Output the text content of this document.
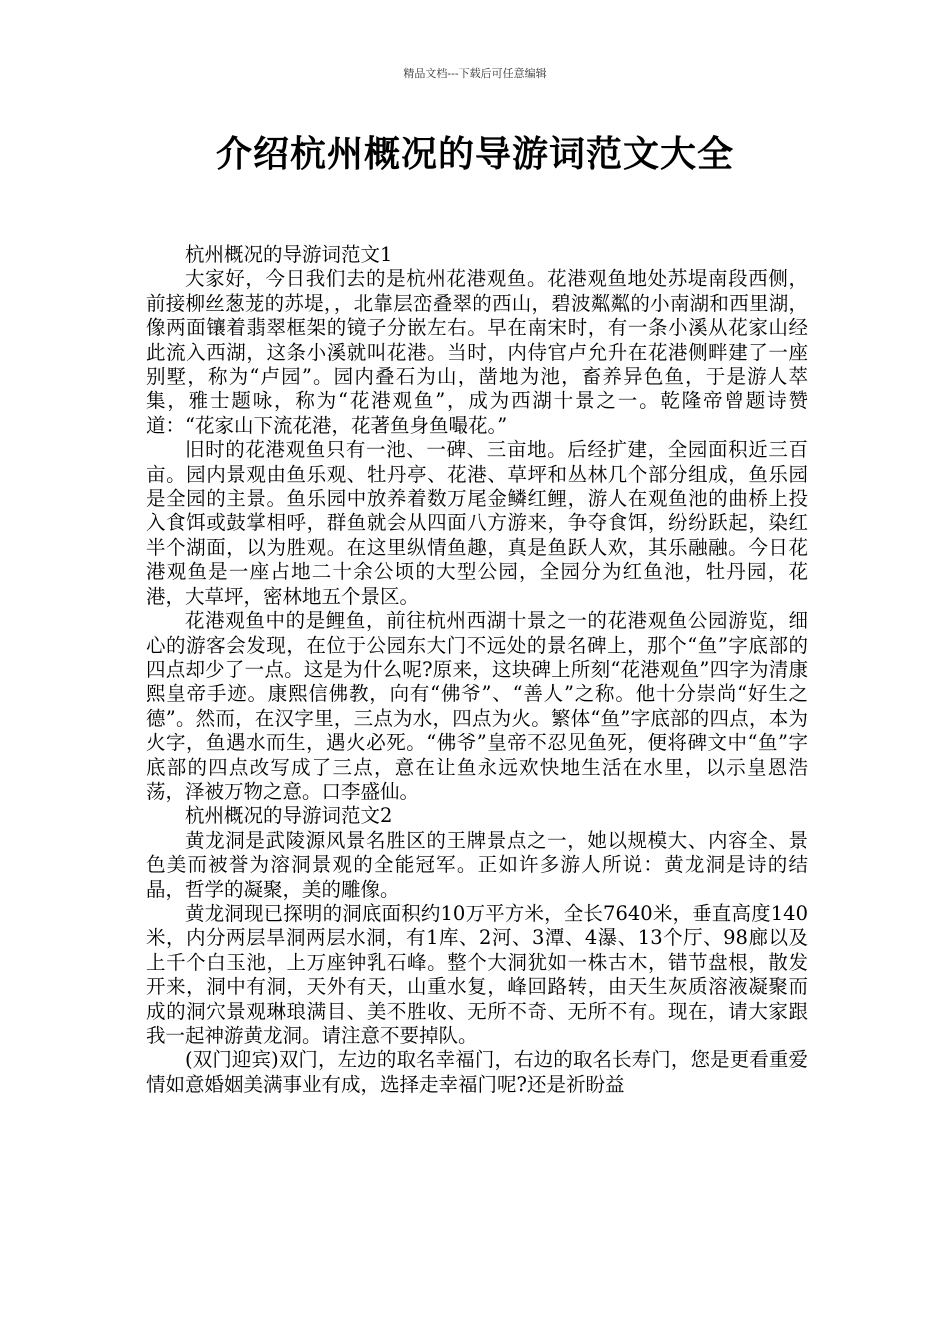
精品文档---下载后可任意编辑
介绍杭州概况的导游词范文大全

杭州概况的导游词范文1

大家好，今日我们去的是杭州花港观鱼。花港观鱼地处苏堤南段西侧，前接柳丝葱茏的苏堤，，北靠层峦叠翠的西山，碧波粼粼的小南湖和西里湖，像两面镶着翡翠框架的镜子分嵌左右。早在南宋时，有一条小溪从花家山经此流入西湖，这条小溪就叫花港。当时，内侍官卢允升在花港侧畔建了一座别墅，称为“卢园”。园内叠石为山，凿地为池，畜养异色鱼，于是游人萃集，雅士题咏，称为“花港观鱼”，成为西湖十景之一。乾隆帝曾题诗赞道：“花家山下流花港，花著鱼身鱼嘬花。”

旧时的花港观鱼只有一池、一碑、三亩地。后经扩建，全园面积近三百亩。园内景观由鱼乐观、牡丹亭、花港、草坪和丛林几个部分组成，鱼乐园是全园的主景。鱼乐园中放养着数万尾金鳞红鲤，游人在观鱼池的曲桥上投入食饵或鼓掌相呼，群鱼就会从四面八方游来，争夺食饵，纷纷跃起，染红半个湖面，以为胜观。在这里纵情鱼趣，真是鱼跃人欢，其乐融融。今日花港观鱼是一座占地二十余公顷的大型公园，全园分为红鱼池，牡丹园，花港，大草坪，密林地五个景区。

花港观鱼中的是鲤鱼，前往杭州西湖十景之一的花港观鱼公园游览，细心的游客会发现，在位于公园东大门不远处的景名碑上，那个“鱼”字底部的四点却少了一点。这是为什么呢?原来，这块碑上所刻“花港观鱼”四字为清康熙皇帝手迹。康熙信佛教，向有“佛爷”、“善人”之称。他十分崇尚“好生之德”。然而，在汉字里，三点为水，四点为火。繁体“鱼”字底部的四点，本为火字，鱼遇水而生，遇火必死。“佛爷”皇帝不忍见鱼死，便将碑文中“鱼”字底部的四点改写成了三点，意在让鱼永远欢快地生活在水里，以示皇恩浩荡，泽被万物之意。口李盛仙。

杭州概况的导游词范文2

黄龙洞是武陵源风景名胜区的王牌景点之一，她以规模大、内容全、景色美而被誉为溶洞景观的全能冠军。正如许多游人所说：黄龙洞是诗的结晶，哲学的凝聚，美的雕像。

黄龙洞现已探明的洞底面积约10万平方米，全长7640米，垂直高度140米，内分两层旱洞两层水洞，有1库、2河、3潭、4瀑、13个厅、98廊以及上千个白玉池，上万座钟乳石峰。整个大洞犹如一株古木，错节盘根，散发开来，洞中有洞，天外有天，山重水复，峰回路转，由天生灰质溶液凝聚而成的洞穴景观琳琅满目、美不胜收、无所不奇、无所不有。现在，请大家跟我一起神游黄龙洞。请注意不要掉队。

(双门迎宾)双门，左边的取名幸福门，右边的取名长寿门，您是更看重爱情如意婚姻美满事业有成，选择走幸福门呢?还是祈盼益
